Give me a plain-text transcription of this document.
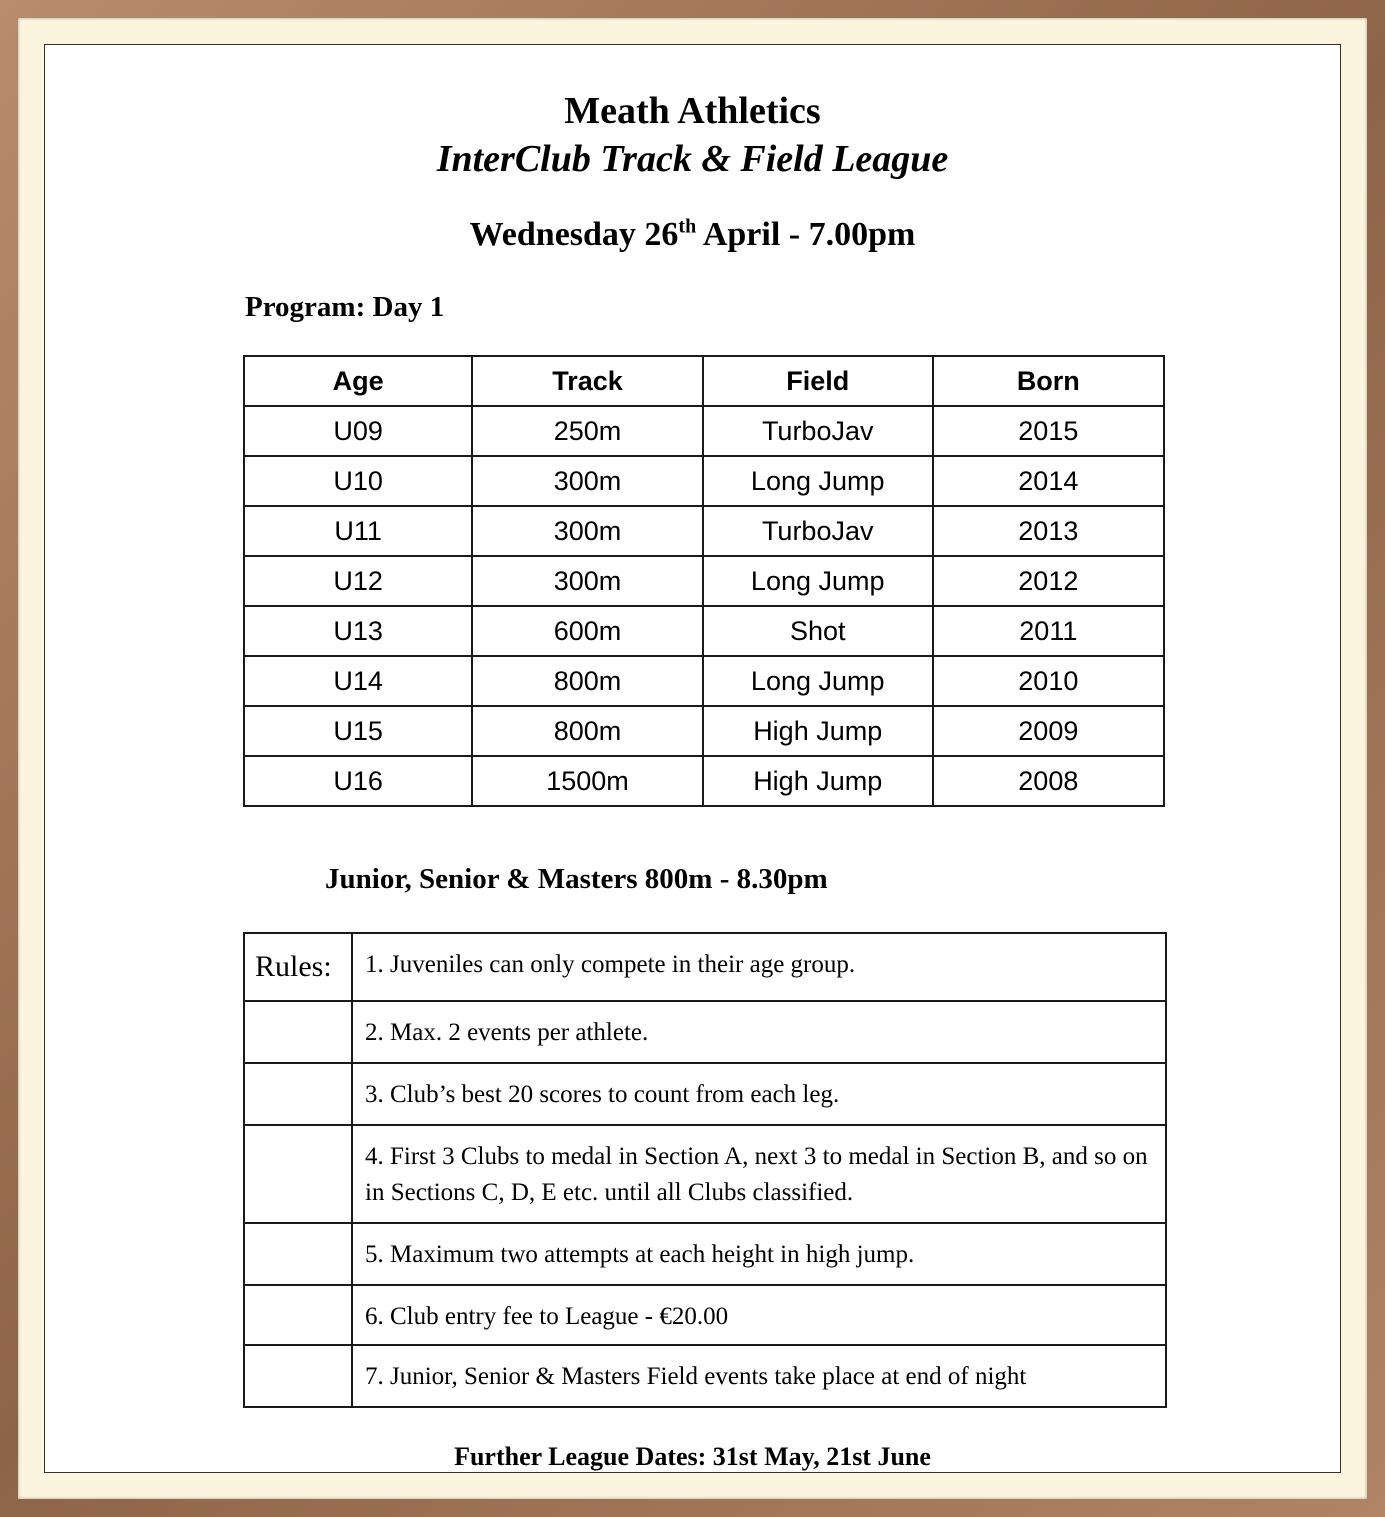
Meath Athletics
InterClub Track & Field League
Wednesday 26th April - 7.00pm
Program: Day 1
Age	Track	Field	Born
U09	250m	TurboJav	2015
U10	300m	Long Jump	2014
U11	300m	TurboJav	2013
U12	300m	Long Jump	2012
U13	600m	Shot	2011
U14	800m	Long Jump	2010
U15	800m	High Jump	2009
U16	1500m	High Jump	2008
Junior, Senior & Masters 800m - 8.30pm
Rules:	1. Juveniles can only compete in their age group.
	2. Max. 2 events per athlete.
	3. Club’s best 20 scores to count from each leg.
	4. First 3 Clubs to medal in Section A, next 3 to medal in Section B, and so on in Sections C, D, E etc. until all Clubs classified.
	5. Maximum two attempts at each height in high jump.
	6. Club entry fee to League - €20.00
	7. Junior, Senior & Masters Field events take place at end of night
Further League Dates: 31st May, 21st June
